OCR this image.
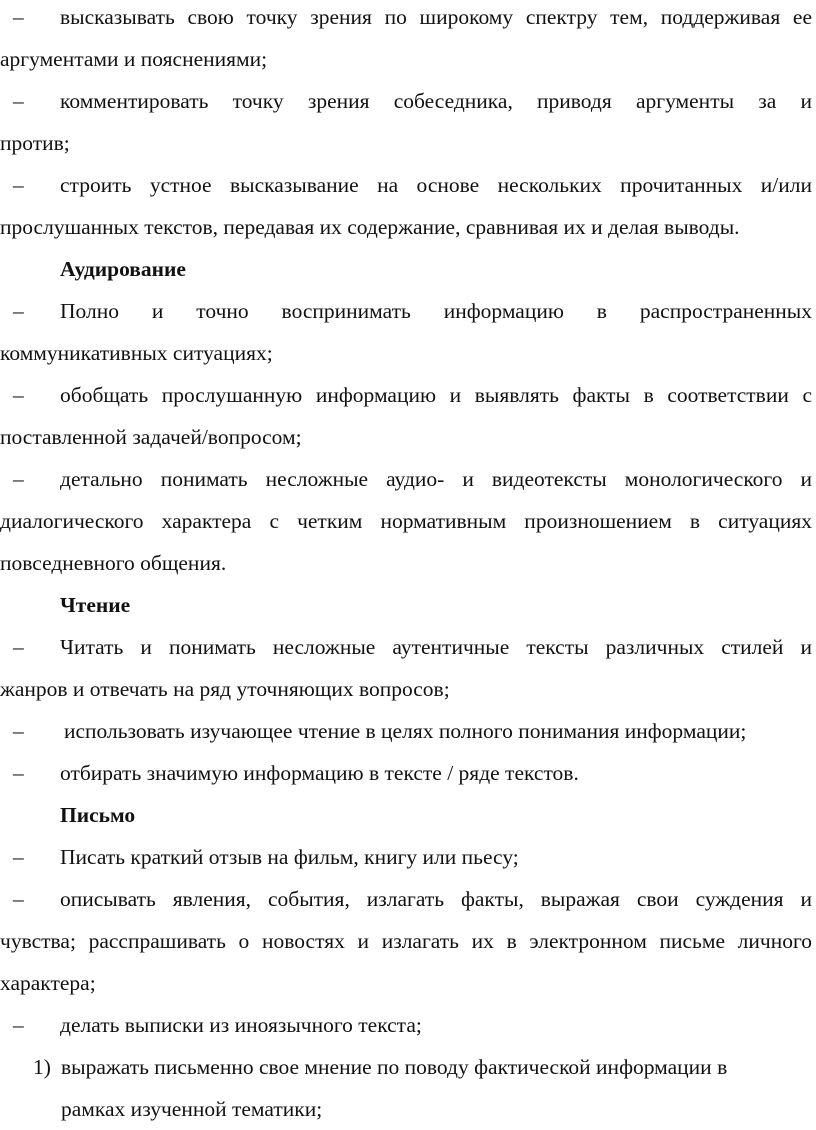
–	высказывать свою точку зрения по широкому спектру тем, поддерживая ее
аргументами и пояснениями;
–	комментировать точку зрения собеседника, приводя аргументы за и
против;
–	строить устное высказывание на основе нескольких прочитанных и/или
прослушанных текстов, передавая их содержание, сравнивая их и делая выводы.
Аудирование
–	Полно и точно воспринимать информацию в распространенных
коммуникативных ситуациях;
–	обобщать прослушанную информацию и выявлять факты в соответствии с
поставленной задачей/вопросом;
–	детально понимать несложные аудио- и видеотексты монологического и
диалогического характера с четким нормативным произношением в ситуациях
повседневного общения.
Чтение
–	Читать и понимать несложные аутентичные тексты различных стилей и
жанров и отвечать на ряд уточняющих вопросов;
–	использовать изучающее чтение в целях полного понимания информации;
–	отбирать значимую информацию в тексте / ряде текстов.
Письмо
–	Писать краткий отзыв на фильм, книгу или пьесу;
–	описывать явления, события, излагать факты, выражая свои суждения и
чувства; расспрашивать о новостях и излагать их в электронном письме личного
характера;
–	делать выписки из иноязычного текста;
1) выражать письменно свое мнение по поводу фактической информации в
рамках изученной тематики;
